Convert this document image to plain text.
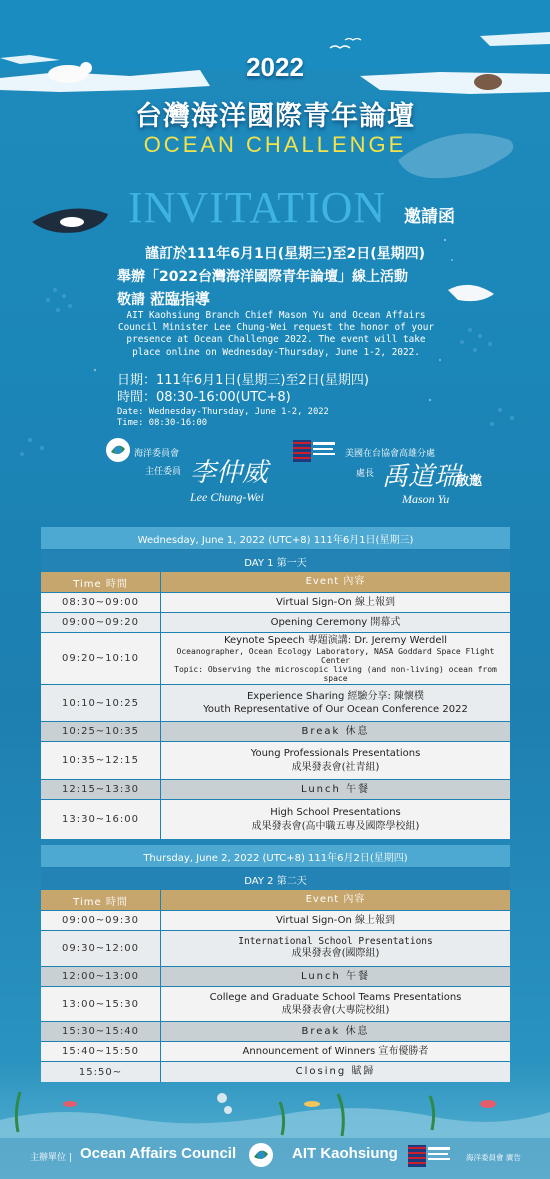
2022
台灣海洋國際青年論壇
OCEAN CHALLENGE
INVITATION 邀請函
謹訂於111年6月1日(星期三)至2日(星期四)
舉辦「2022台灣海洋國際青年論壇」線上活動
敬請 蒞臨指導
AIT Kaohsiung Branch Chief Mason Yu and Ocean Affairs Council Minister Lee Chung-Wei request the honor of your presence at Ocean Challenge 2022. The event will take place online on Wednesday-Thursday, June 1-2, 2022.
日期：111年6月1日(星期三)至2日(星期四)
時間：08:30-16:00(UTC+8)
Date: Wednesday-Thursday, June 1-2, 2022
Time: 08:30-16:00
海洋委員會
主任委員 李仲威
Lee Chung-Wei
美國在台協會高雄分處
處長 禹道瑞
Mason Yu
敬邀
Wednesday, June 1, 2022 (UTC+8) 111年6月1日(星期三)
DAY 1 第一天
Time 時間	Event 內容
08:30~09:00	Virtual Sign-On 線上報到
09:00~09:20	Opening Ceremony 開幕式
09:20~10:10
Keynote Speech 專題演講: Dr. Jeremy Werdell
Oceanographer, Ocean Ecology Laboratory, NASA Goddard Space Flight Center
Topic: Observing the microscopic living (and non-living) ocean from space
10:10~10:25
Experience Sharing 經驗分享: 陳懷樸
Youth Representative of Our Ocean Conference 2022
10:25~10:35	Break 休息
10:35~12:15
Young Professionals Presentations
成果發表會(社青組)
12:15~13:30	Lunch 午餐
13:30~16:00
High School Presentations
成果發表會(高中職五專及國際學校組)
Thursday, June 2, 2022 (UTC+8) 111年6月2日(星期四)
DAY 2 第二天
Time 時間	Event 內容
09:00~09:30	Virtual Sign-On 線上報到
09:30~12:00
International School Presentations
成果發表會(國際組)
12:00~13:00	Lunch 午餐
13:00~15:30
College and Graduate School Teams Presentations
成果發表會(大專院校組)
15:30~15:40	Break 休息
15:40~15:50	Announcement of Winners 宣布優勝者
15:50~	Closing 賦歸
主辦單位 | Ocean Affairs Council	AIT Kaohsiung	海洋委員會 廣告
